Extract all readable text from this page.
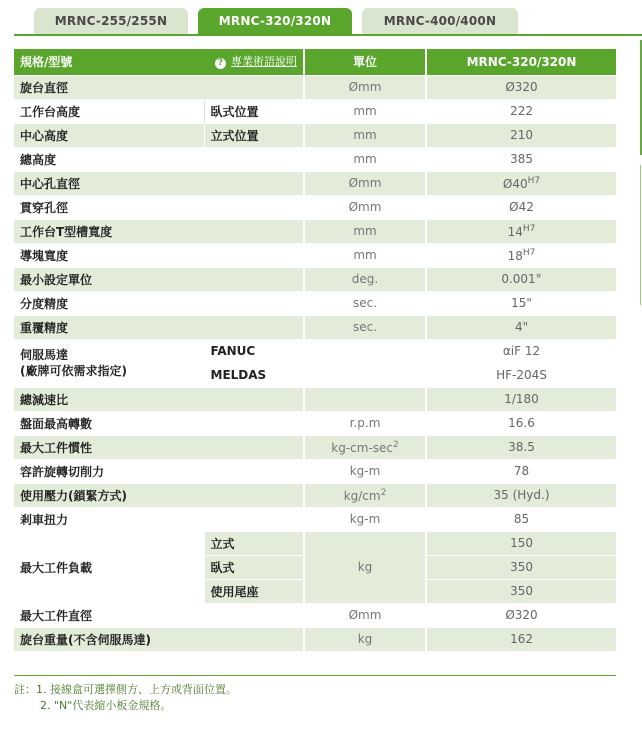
MRNC-255/255N	MRNC-320/320N	MRNC-400/400N
規格/型號 ? 專業術語說明		單位	MRNC-320/320N
旋台直徑		Ømm	Ø320
工作台高度	臥式位置	mm	222
中心高度	立式位置	mm	210
總高度		mm	385
中心孔直徑		Ømm	$Ø40^{H7}$
貫穿孔徑		Ømm	Ø42
工作台T型槽寬度		mm	$14^{H7}$
導塊寬度		mm	$18^{H7}$
最小設定單位		deg.	0.001°
分度精度		sec.	15"
重覆精度		sec.	4"

伺服馬達
(廠牌可依需求指定)	FANUC		αiF 12
	MELDAS		HF-204S
總減速比			1/180
盤面最高轉數		r.p.m	16.6
最大工件慣性		$kg-cm-\sec^2$	38.5
容許旋轉切削力		kg-m	78
使用壓力(鎖緊方式)		$kg/cm^2$	35 (Hyd.)
剎車扭力		kg-m	85
最大工件負載	立式	kg	150
	臥式		350
	使用尾座		350
最大工件直徑		Ømm	Ø320
旋台重量(不含伺服馬達)		kg	162
註：1. 接線盒可選擇側方、上方或背面位置。
2. "N"代表縮小板金規格。
